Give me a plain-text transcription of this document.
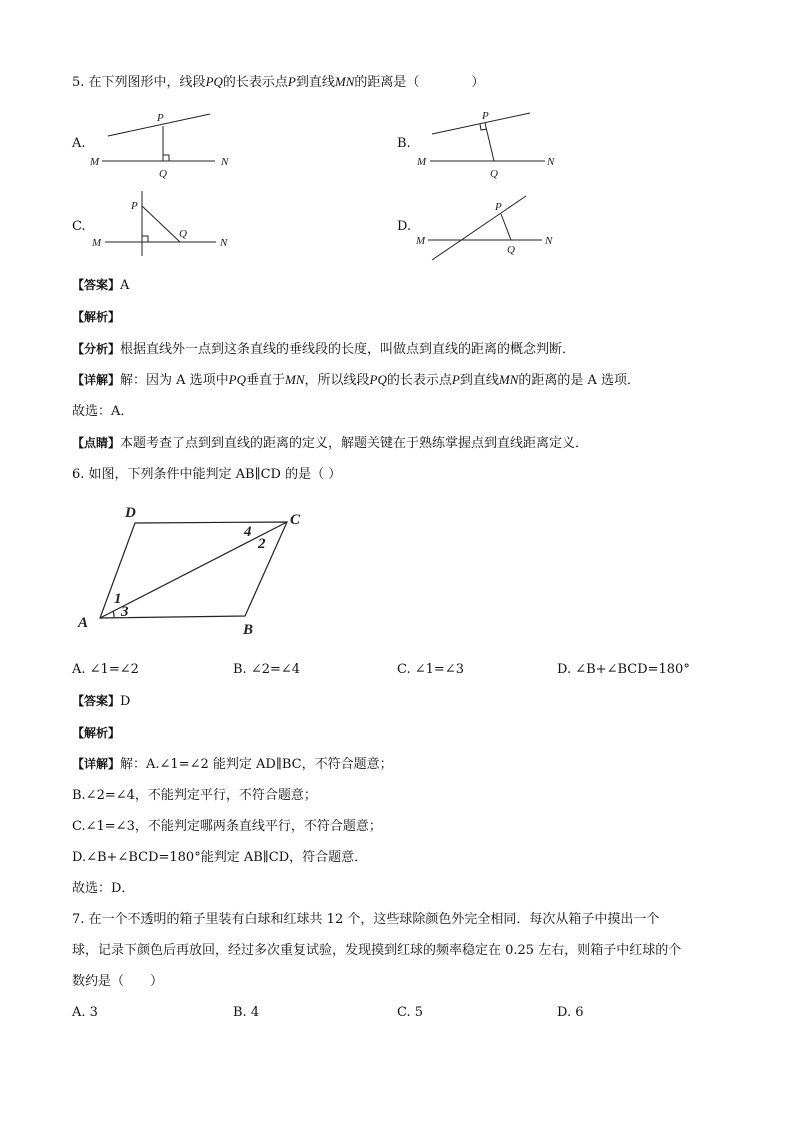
5. 在下列图形中，线段PQ的长表示点P到直线MN的距离是（　　　　）
A.	B.
C.	D.
P
Q
M	N
P
Q
M	N
P
Q
M	N
P
Q
M	N
【答案】A
【解析】
【分析】根据直线外一点到这条直线的垂线段的长度，叫做点到直线的距离的概念判断．
【详解】解：因为 A 选项中PQ垂直于MN，所以线段PQ的长表示点P到直线MN的距离的是 A 选项．
故选：A．
【点睛】本题考查了点到到直线的距离的定义，解题关键在于熟练掌握点到直线距离定义．
6. 如图，下列条件中能判定 AB∥CD 的是（ ）
A	B
C
D
1
2
3
4
A. ∠1=∠2	B. ∠2=∠4	C. ∠1=∠3	D. ∠B+∠BCD=180°
【答案】D
【解析】
【详解】解：A.∠1=∠2 能判定 AD∥BC，不符合题意；
B.∠2=∠4，不能判定平行，不符合题意；
C.∠1=∠3，不能判定哪两条直线平行，不符合题意；
D.∠B+∠BCD=180°能判定 AB∥CD，符合题意．
故选：D．
7. 在一个不透明的箱子里装有白球和红球共 12 个，这些球除颜色外完全相同．每次从箱子中摸出一个
球，记录下颜色后再放回，经过多次重复试验，发现摸到红球的频率稳定在 0.25 左右，则箱子中红球的个
数约是（　　）
A. 3	B. 4	C. 5	D. 6
